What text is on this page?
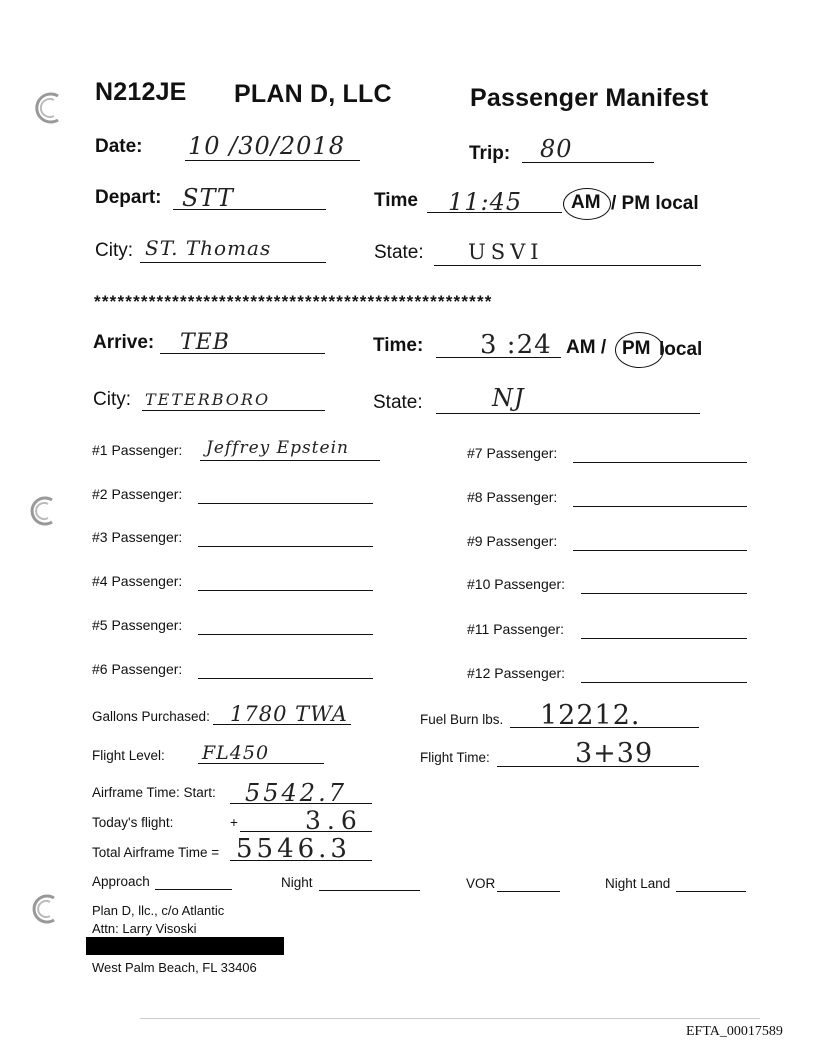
N212JE PLAN D, LLC	Passenger Manifest
Date: 10 /30/2018	Trip: 80
Depart: STT	Time 11:45	AM / PM local
City: ST. Thomas	State: USVI
***************************************************
Arrive: TEB	Time: 3 :24 AM / PM local
City: TETERBORO	State:	NJ
#1 Passenger: Jeffrey Epstein
#2 Passenger:
#3 Passenger:
#4 Passenger:
#5 Passenger:
#6 Passenger:
#7 Passenger:
#8 Passenger:
#9 Passenger:
#10 Passenger:
#11 Passenger:
#12 Passenger:
Gallons Purchased: 1780 TWA	Fuel Burn lbs. 12212.
Flight Level: FL450	Flight Time:	3+39
Airframe Time: Start: 5542.7
Today's flight:	+	3.6
Total Airframe Time = 5546.3
Approach	Night	VOR	Night Land
Plan D, llc., c/o Atlantic
Attn: Larry Visoski
West Palm Beach, FL 33406
EFTA_00017589
